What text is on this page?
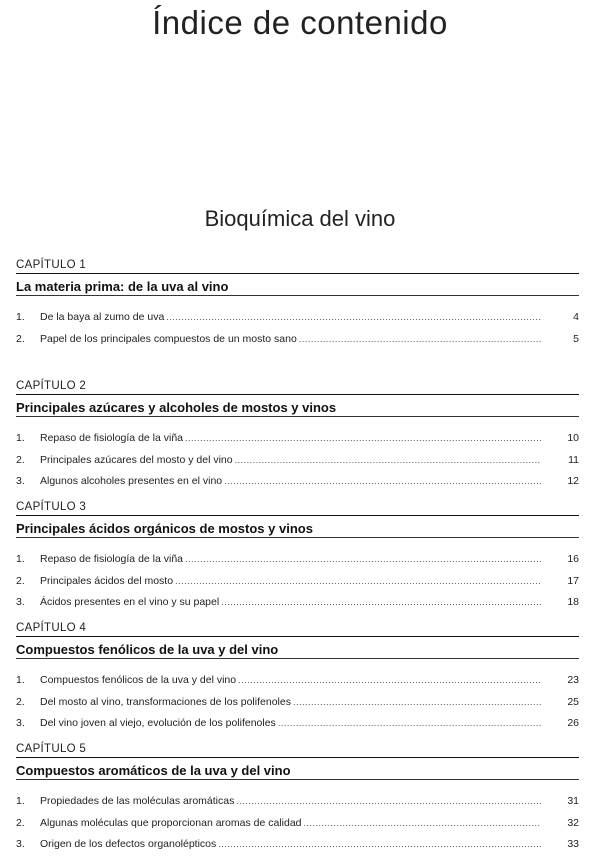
Índice de contenido
Bioquímica del vino
CAPÍTULO 1
La materia prima: de la uva al vino
1.	De la baya al zumo de uva .....	4
2.	Papel de los principales compuestos de un mosto sano .....	5
CAPÍTULO 2
Principales azúcares y alcoholes de mostos y vinos
1.	Repaso de fisiología de la viña .....	10
2.	Principales azúcares del mosto y del vino .....	11
3.	Algunos alcoholes presentes en el vino .....	12
CAPÍTULO 3
Principales ácidos orgánicos de mostos y vinos
1.	Repaso de fisiología de la viña .....	16
2.	Principales ácidos del mosto .....	17
3.	Ácidos presentes en el vino y su papel .....	18
CAPÍTULO 4
Compuestos fenólicos de la uva y del vino
1.	Compuestos fenólicos de la uva y del vino .....	23
2.	Del mosto al vino, transformaciones de los polifenoles .....	25
3.	Del vino joven al viejo, evolución de los polifenoles .....	26
CAPÍTULO 5
Compuestos aromáticos de la uva y del vino
1.	Propiedades de las moléculas aromáticas .....	31
2.	Algunas moléculas que proporcionan aromas de calidad .....	32
3.	Origen de los defectos organolépticos .....	33
